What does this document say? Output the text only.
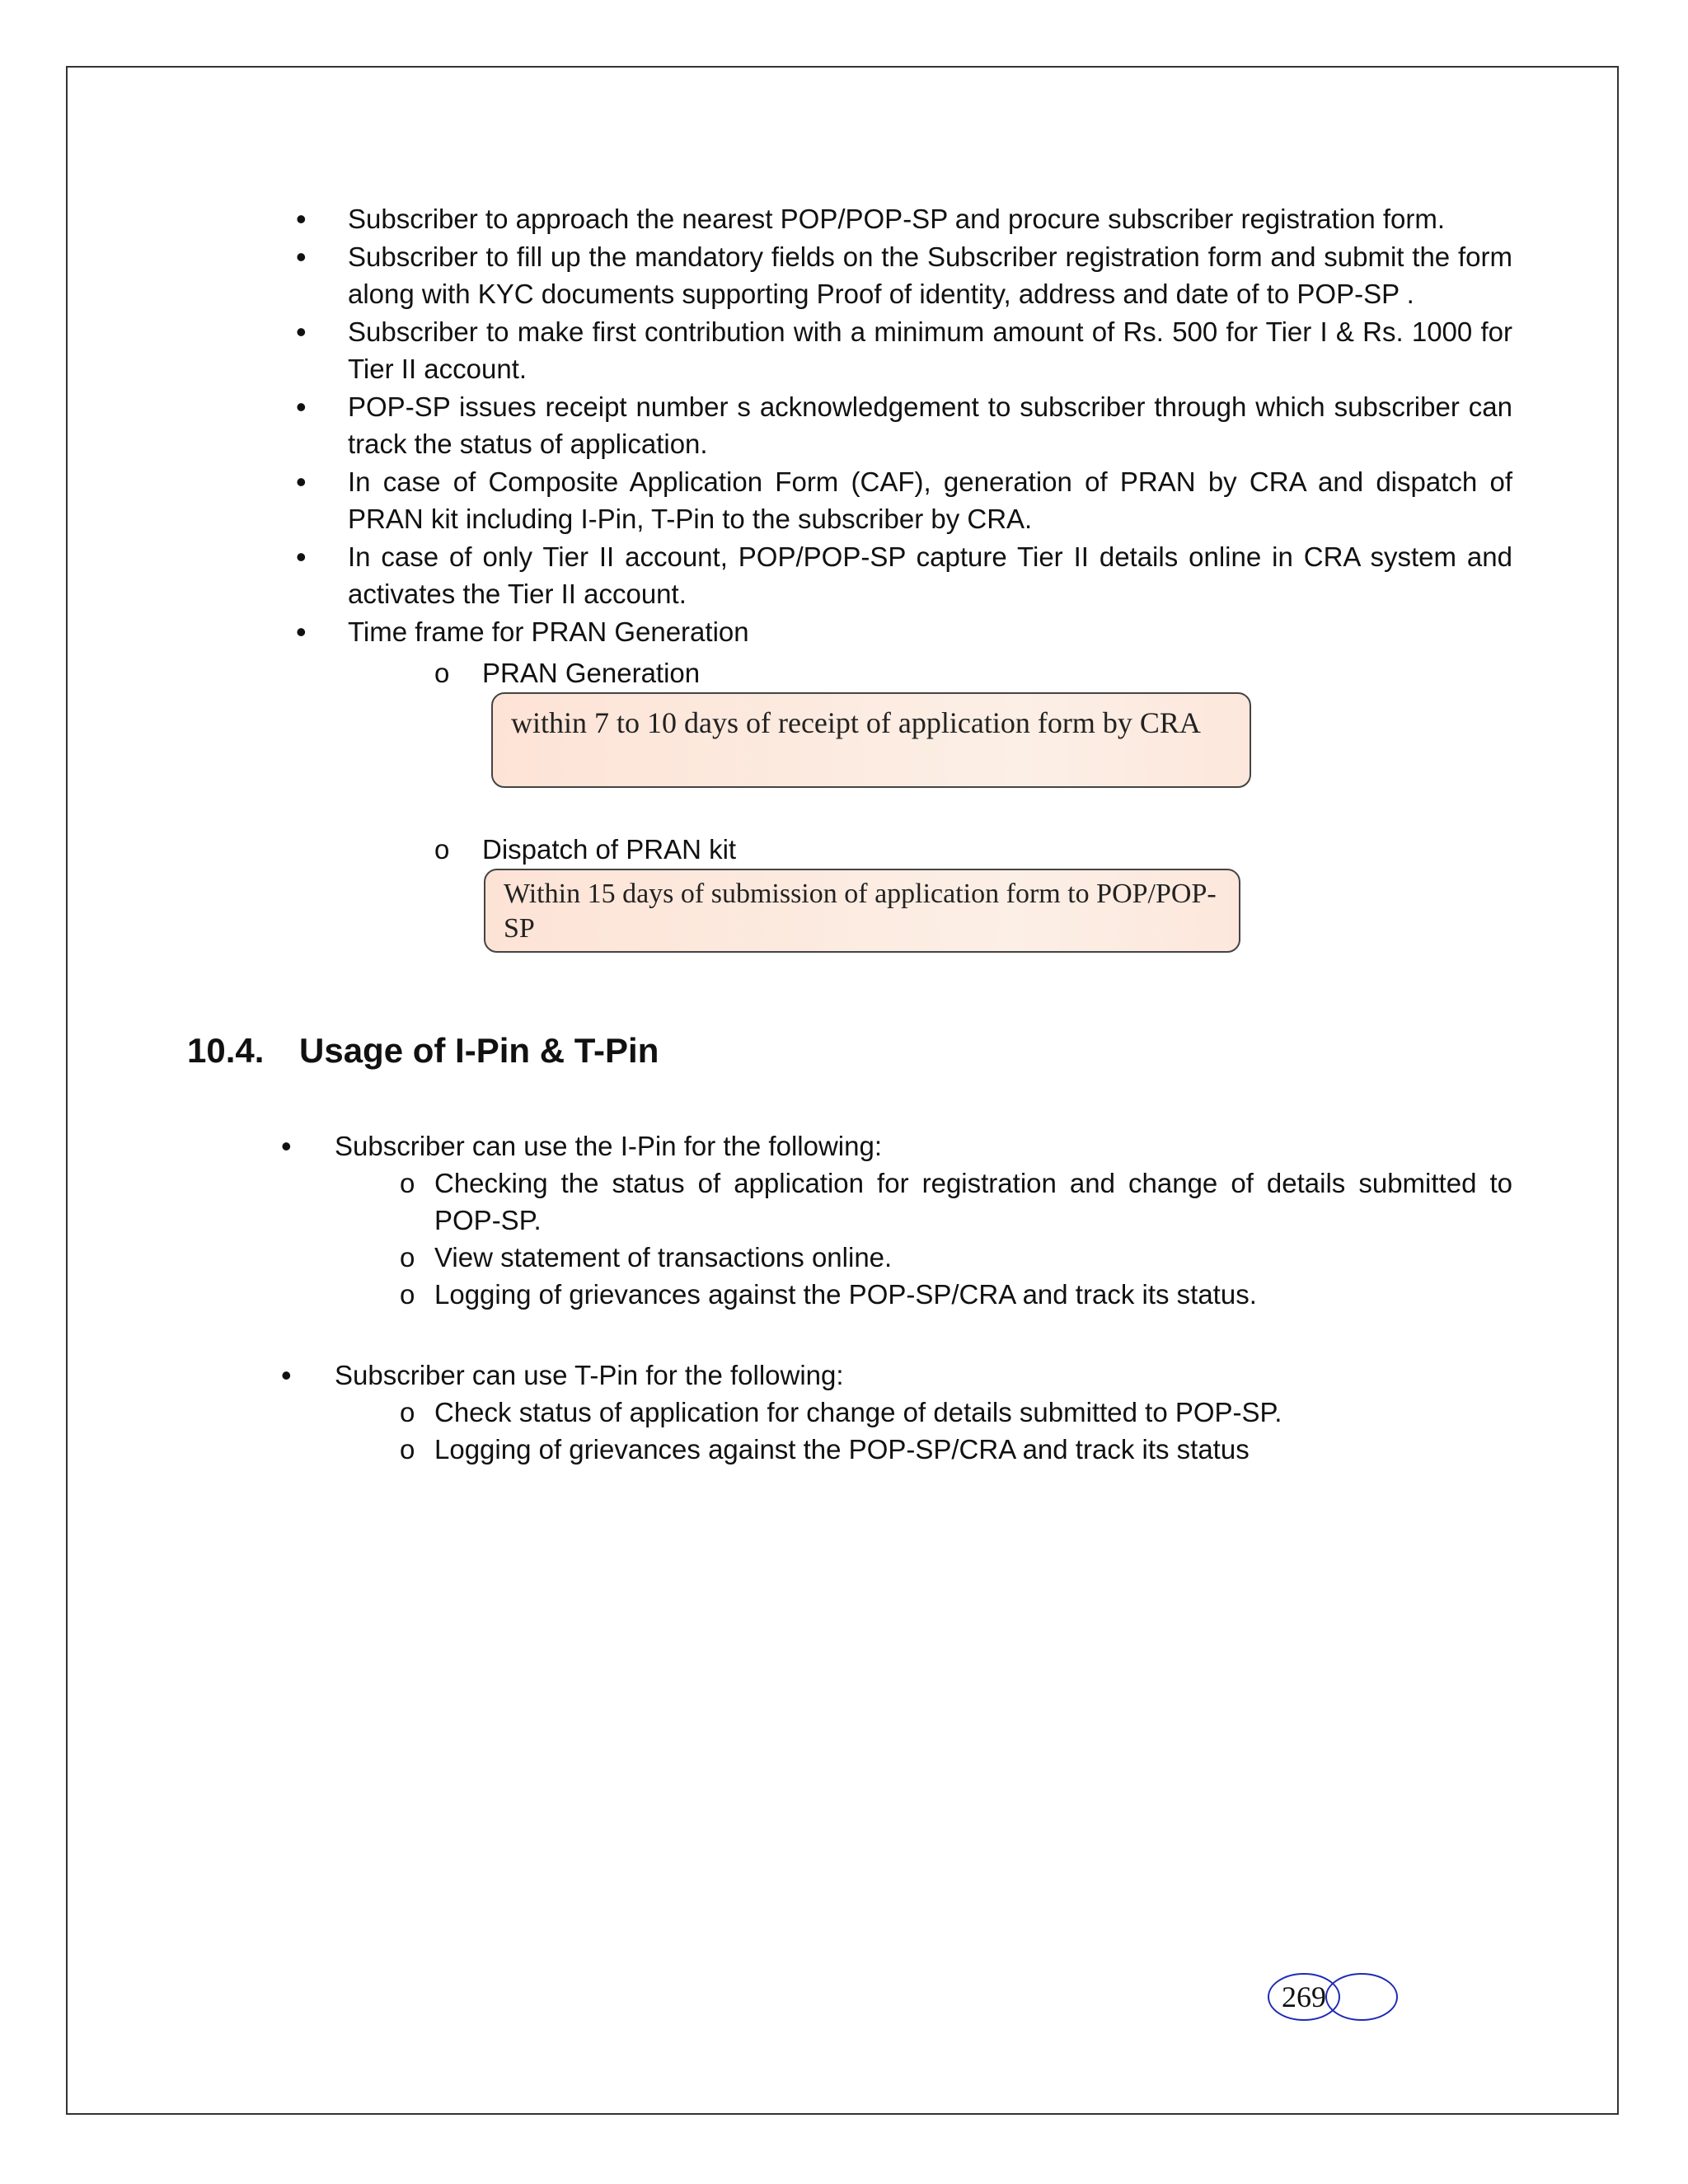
• Subscriber to approach the nearest POP/POP-SP and procure subscriber registration form.
• Subscriber to fill up the mandatory fields on the Subscriber registration form and submit the form along with KYC documents supporting Proof of identity, address and date of to POP-SP .
• Subscriber to make first contribution with a minimum amount of Rs. 500 for Tier I & Rs. 1000 for Tier II account.
• POP-SP issues receipt number s acknowledgement to subscriber through which subscriber can track the status of application.
• In case of Composite Application Form (CAF), generation of PRAN by CRA and dispatch of PRAN kit including I-Pin, T-Pin to the subscriber by CRA.
• In case of only Tier II account, POP/POP-SP capture Tier II details online in CRA system and activates the Tier II account.
• Time frame for PRAN Generation
o PRAN Generation
within 7 to 10 days of receipt of application form by CRA
o Dispatch of PRAN kit
Within 15 days of submission of application form to POP/POP-SP
10.4. Usage of I-Pin & T-Pin
• Subscriber can use the I-Pin for the following:
o Checking the status of application for registration and change of details submitted to POP-SP.
o View statement of transactions online.
o Logging of grievances against the POP-SP/CRA and track its status.
• Subscriber can use T-Pin for the following:
o Check status of application for change of details submitted to POP-SP.
o Logging of grievances against the POP-SP/CRA and track its status
269
